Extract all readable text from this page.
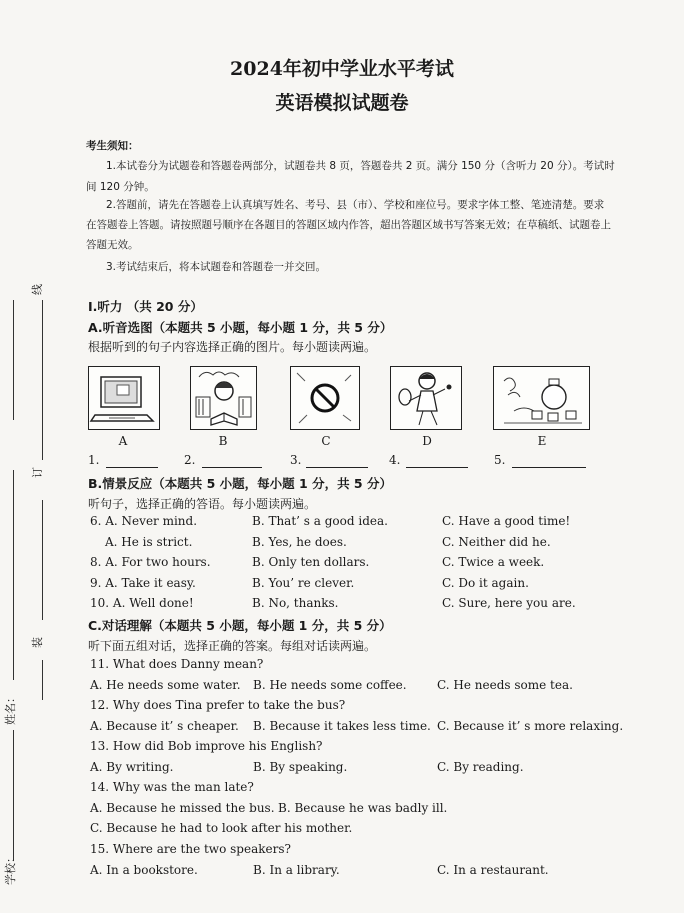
线
订
装
姓名：
学校：
2024年初中学业水平考试
英语模拟试题卷
考生须知：
1.本试卷分为试题卷和答题卷两部分，试题卷共 8 页，答题卷共 2 页。满分 150 分（含听力 20 分）。考试时
间 120 分钟。
2.答题前，请先在答题卷上认真填写姓名、考号、县（市）、学校和座位号。要求字体工整、笔迹清楚。要求
在答题卷上答题。请按照题号顺序在各题目的答题区域内作答，超出答题区域书写答案无效；在草稿纸、试题卷上
答题无效。
3.考试结束后，将本试题卷和答题卷一并交回。
Ⅰ.听力 （共 20 分）
A.听音选图（本题共 5 小题，每小题 1 分，共 5 分）
根据听到的句子内容选择正确的图片。每小题读两遍。
A	B	C	D	E
1.	2.	3.	4.	5.
B.情景反应（本题共 5 小题，每小题 1 分，共 5 分）
听句子，选择正确的答语。每小题读两遍。
6. A. Never mind.	B. That’ s a good idea.	C. Have a good time!
A. He is strict.	B. Yes, he does.	C. Neither did he.
8. A. For two hours.	B. Only ten dollars.	C. Twice a week.
9. A. Take it easy.	B. You’ re clever.	C. Do it again.
10. A. Well done!	B. No, thanks.	C. Sure, here you are.
C.对话理解（本题共 5 小题，每小题 1 分，共 5 分）
听下面五组对话，选择正确的答案。每组对话读两遍。
11. What does Danny mean?
A. He needs some water. B. He needs some coffee.	C. He needs some tea.
12. Why does Tina prefer to take the bus?
A. Because it’ s cheaper. B. Because it takes less time. C. Because it’ s more relaxing.
13. How did Bob improve his English?
A. By writing.	B. By speaking.	C. By reading.
14. Why was the man late?
A. Because he missed the bus. B. Because he was badly ill.
C. Because he had to look after his mother.
15. Where are the two speakers?
A. In a bookstore.	B. In a library.	C. In a restaurant.
